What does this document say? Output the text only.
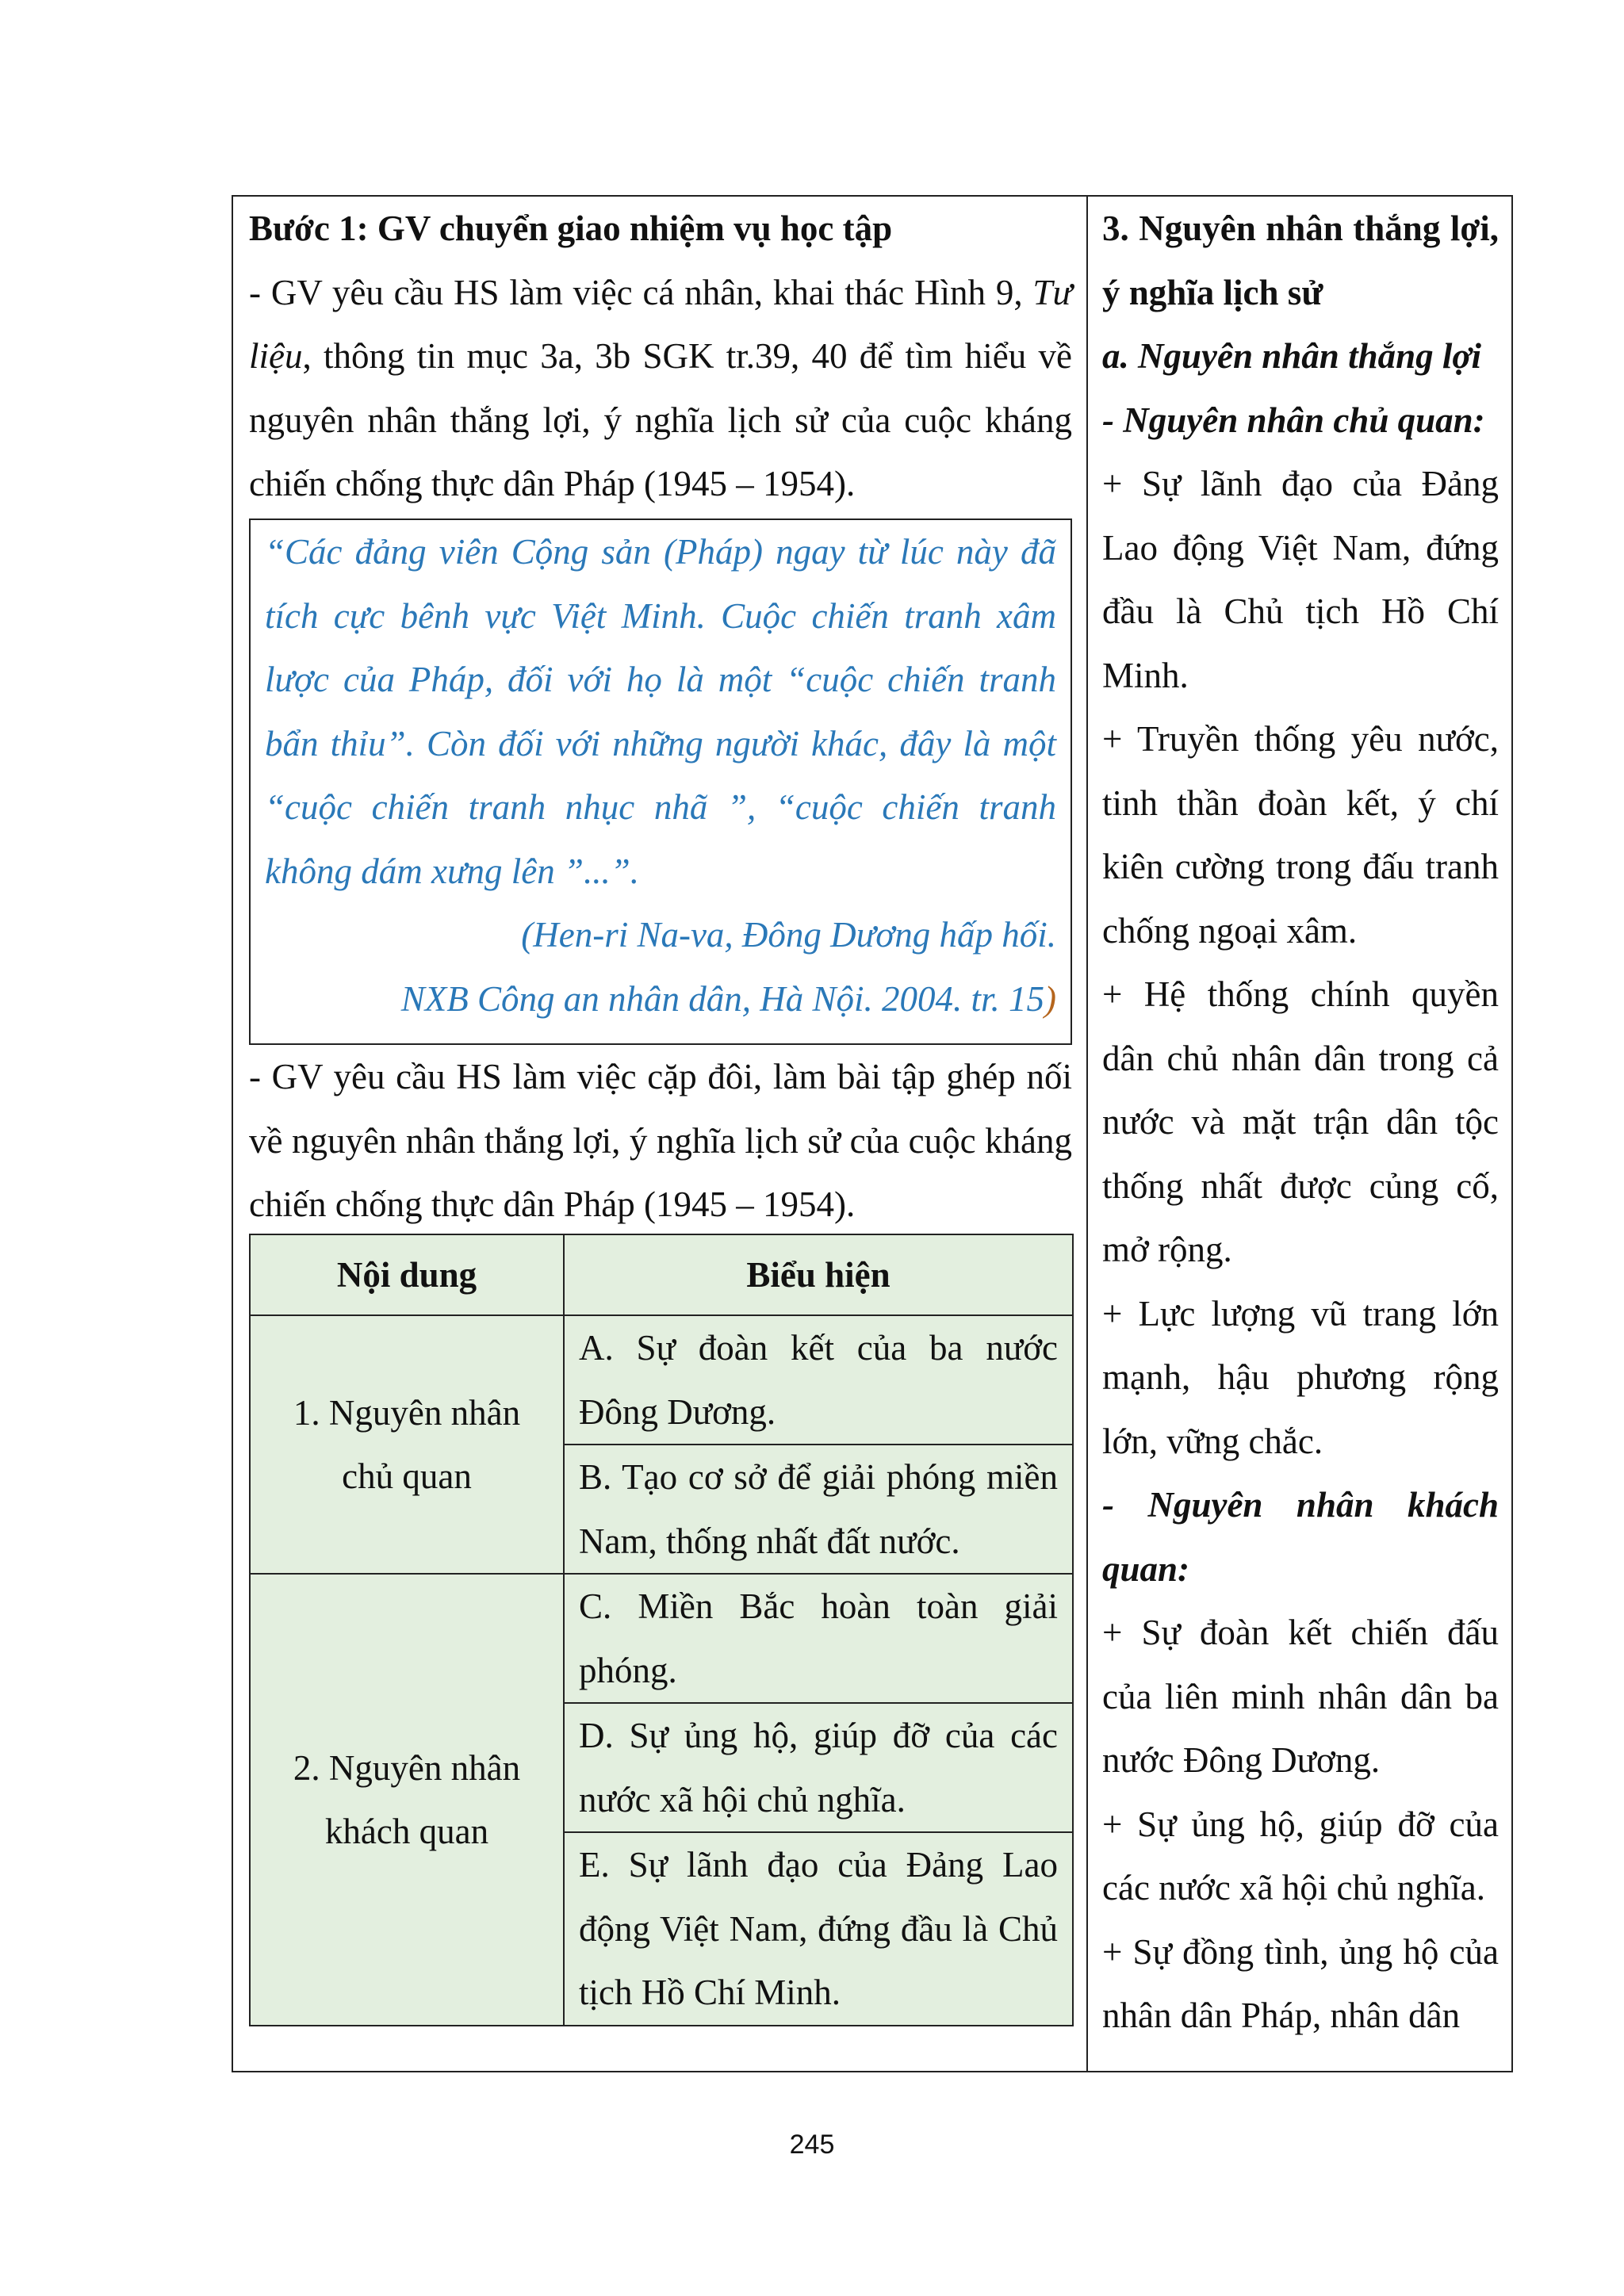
Bước 1: GV chuyển giao nhiệm vụ học tập
- GV yêu cầu HS làm việc cá nhân, khai thác Hình 9, Tư liệu, thông tin mục 3a, 3b SGK tr.39, 40 để tìm hiểu về nguyên nhân thắng lợi, ý nghĩa lịch sử của cuộc kháng chiến chống thực dân Pháp (1945 – 1954).
“Các đảng viên Cộng sản (Pháp) ngay từ lúc này đã tích cực bênh vực Việt Minh. Cuộc chiến tranh xâm lược của Pháp, đối với họ là một “cuộc chiến tranh bẩn thỉu”. Còn đối với những người khác, đây là một “cuộc chiến tranh nhục nhã ”, “cuộc chiến tranh không dám xưng lên ”...”.
(Hen-ri Na-va, Đông Dương hấp hối.
NXB Công an nhân dân, Hà Nội. 2004. tr. 15)
- GV yêu cầu HS làm việc cặp đôi, làm bài tập ghép nối về nguyên nhân thắng lợi, ý nghĩa lịch sử của cuộc kháng chiến chống thực dân Pháp (1945 – 1954).
Nội dung	Biểu hiện
1. Nguyên nhân chủ quan	A. Sự đoàn kết của ba nước Đông Dương.
	B. Tạo cơ sở để giải phóng miền Nam, thống nhất đất nước.
2. Nguyên nhân khách quan	C. Miền Bắc hoàn toàn giải phóng.
	D. Sự ủng hộ, giúp đỡ của các nước xã hội chủ nghĩa.
	E. Sự lãnh đạo của Đảng Lao động Việt Nam, đứng đầu là Chủ tịch Hồ Chí Minh.
3. Nguyên nhân thắng lợi, ý nghĩa lịch sử
a. Nguyên nhân thắng lợi
- Nguyên nhân chủ quan:
+ Sự lãnh đạo của Đảng Lao động Việt Nam, đứng đầu là Chủ tịch Hồ Chí Minh.
+ Truyền thống yêu nước, tinh thần đoàn kết, ý chí kiên cường trong đấu tranh chống ngoại xâm.
+ Hệ thống chính quyền dân chủ nhân dân trong cả nước và mặt trận dân tộc thống nhất được củng cố, mở rộng.
+ Lực lượng vũ trang lớn mạnh, hậu phương rộng lớn, vững chắc.
- Nguyên nhân khách quan:
+ Sự đoàn kết chiến đấu của liên minh nhân dân ba nước Đông Dương.
+ Sự ủng hộ, giúp đỡ của các nước xã hội chủ nghĩa.
+ Sự đồng tình, ủng hộ của nhân dân Pháp, nhân dân
245
